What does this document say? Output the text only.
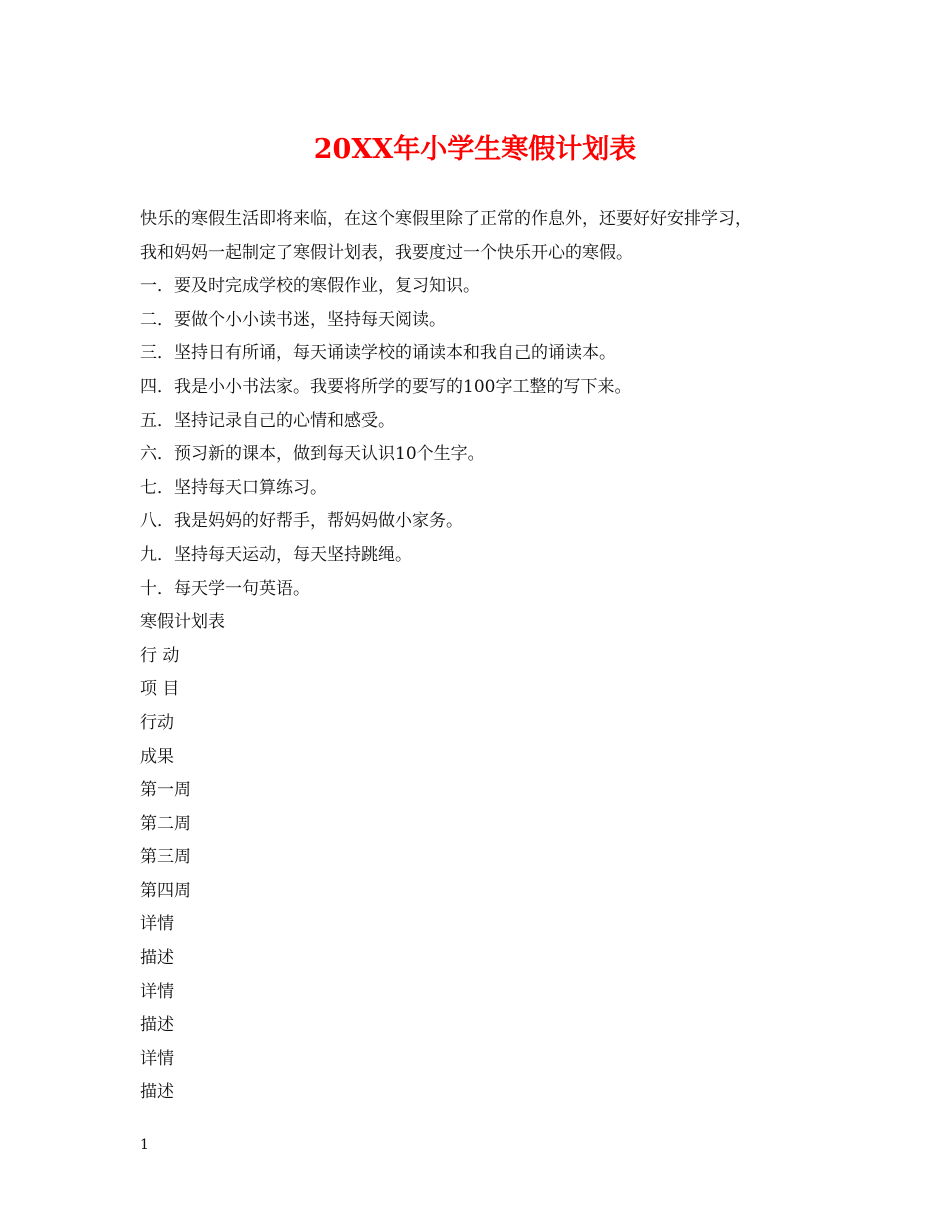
20XX年小学生寒假计划表
快乐的寒假生活即将来临，在这个寒假里除了正常的作息外，还要好好安排学习，
我和妈妈一起制定了寒假计划表，我要度过一个快乐开心的寒假。
一．要及时完成学校的寒假作业，复习知识。
二．要做个小小读书迷，坚持每天阅读。
三．坚持日有所诵，每天诵读学校的诵读本和我自己的诵读本。
四．我是小小书法家。我要将所学的要写的100字工整的写下来。
五．坚持记录自己的心情和感受。
六．预习新的课本，做到每天认识10个生字。
七．坚持每天口算练习。
八．我是妈妈的好帮手，帮妈妈做小家务。
九．坚持每天运动，每天坚持跳绳。
十．每天学一句英语。
寒假计划表
行 动
项 目
行动
成果
第一周
第二周
第三周
第四周
详情
描述
详情
描述
详情
描述
1
